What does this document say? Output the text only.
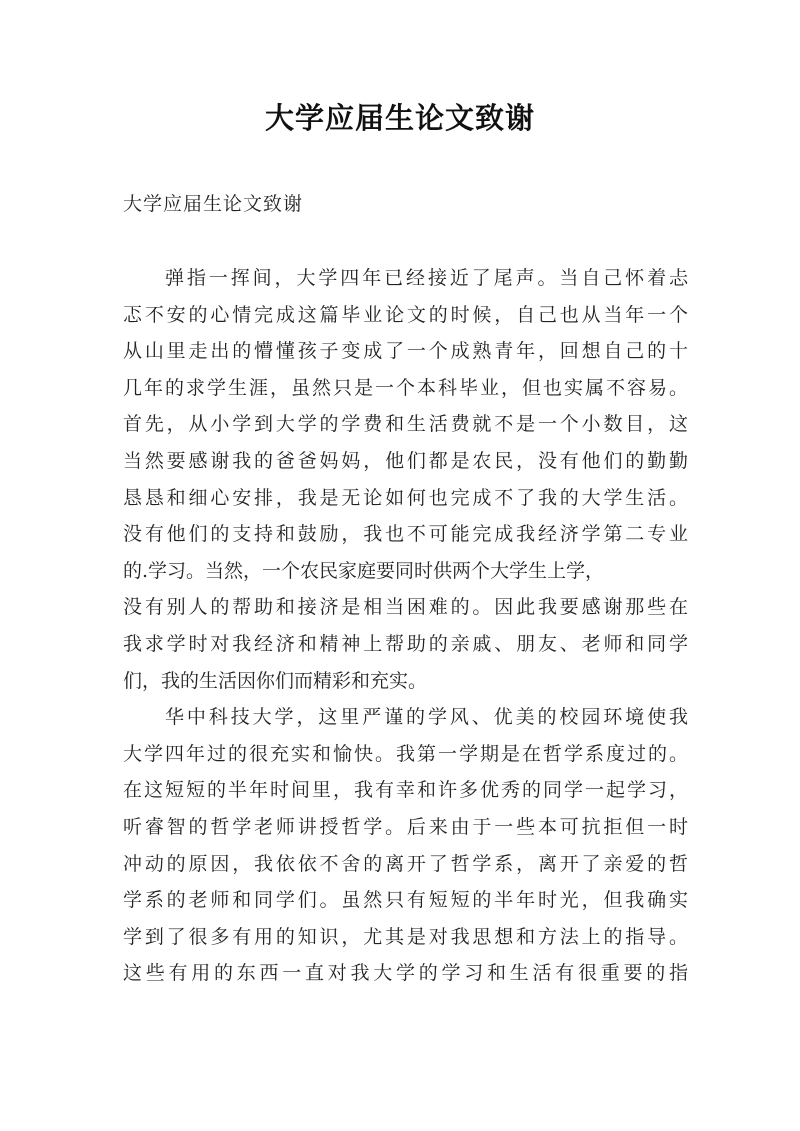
大学应届生论文致谢

大学应届生论文致谢

弹指一挥间，大学四年已经接近了尾声。当自己怀着忐
忑不安的心情完成这篇毕业论文的时候，自己也从当年一个
从山里走出的懵懂孩子变成了一个成熟青年，回想自己的十
几年的求学生涯，虽然只是一个本科毕业，但也实属不容易。
首先，从小学到大学的学费和生活费就不是一个小数目，这
当然要感谢我的爸爸妈妈，他们都是农民，没有他们的勤勤
恳恳和细心安排，我是无论如何也完成不了我的大学生活。
没有他们的支持和鼓励，我也不可能完成我经济学第二专业
的.学习。当然，一个农民家庭要同时供两个大学生上学，
没有别人的帮助和接济是相当困难的。因此我要感谢那些在
我求学时对我经济和精神上帮助的亲戚、朋友、老师和同学
们，我的生活因你们而精彩和充实。
华中科技大学，这里严谨的学风、优美的校园环境使我
大学四年过的很充实和愉快。我第一学期是在哲学系度过的。
在这短短的半年时间里，我有幸和许多优秀的同学一起学习，
听睿智的哲学老师讲授哲学。后来由于一些本可抗拒但一时
冲动的原因，我依依不舍的离开了哲学系，离开了亲爱的哲
学系的老师和同学们。虽然只有短短的半年时光，但我确实
学到了很多有用的知识，尤其是对我思想和方法上的指导。
这些有用的东西一直对我大学的学习和生活有很重要的指
